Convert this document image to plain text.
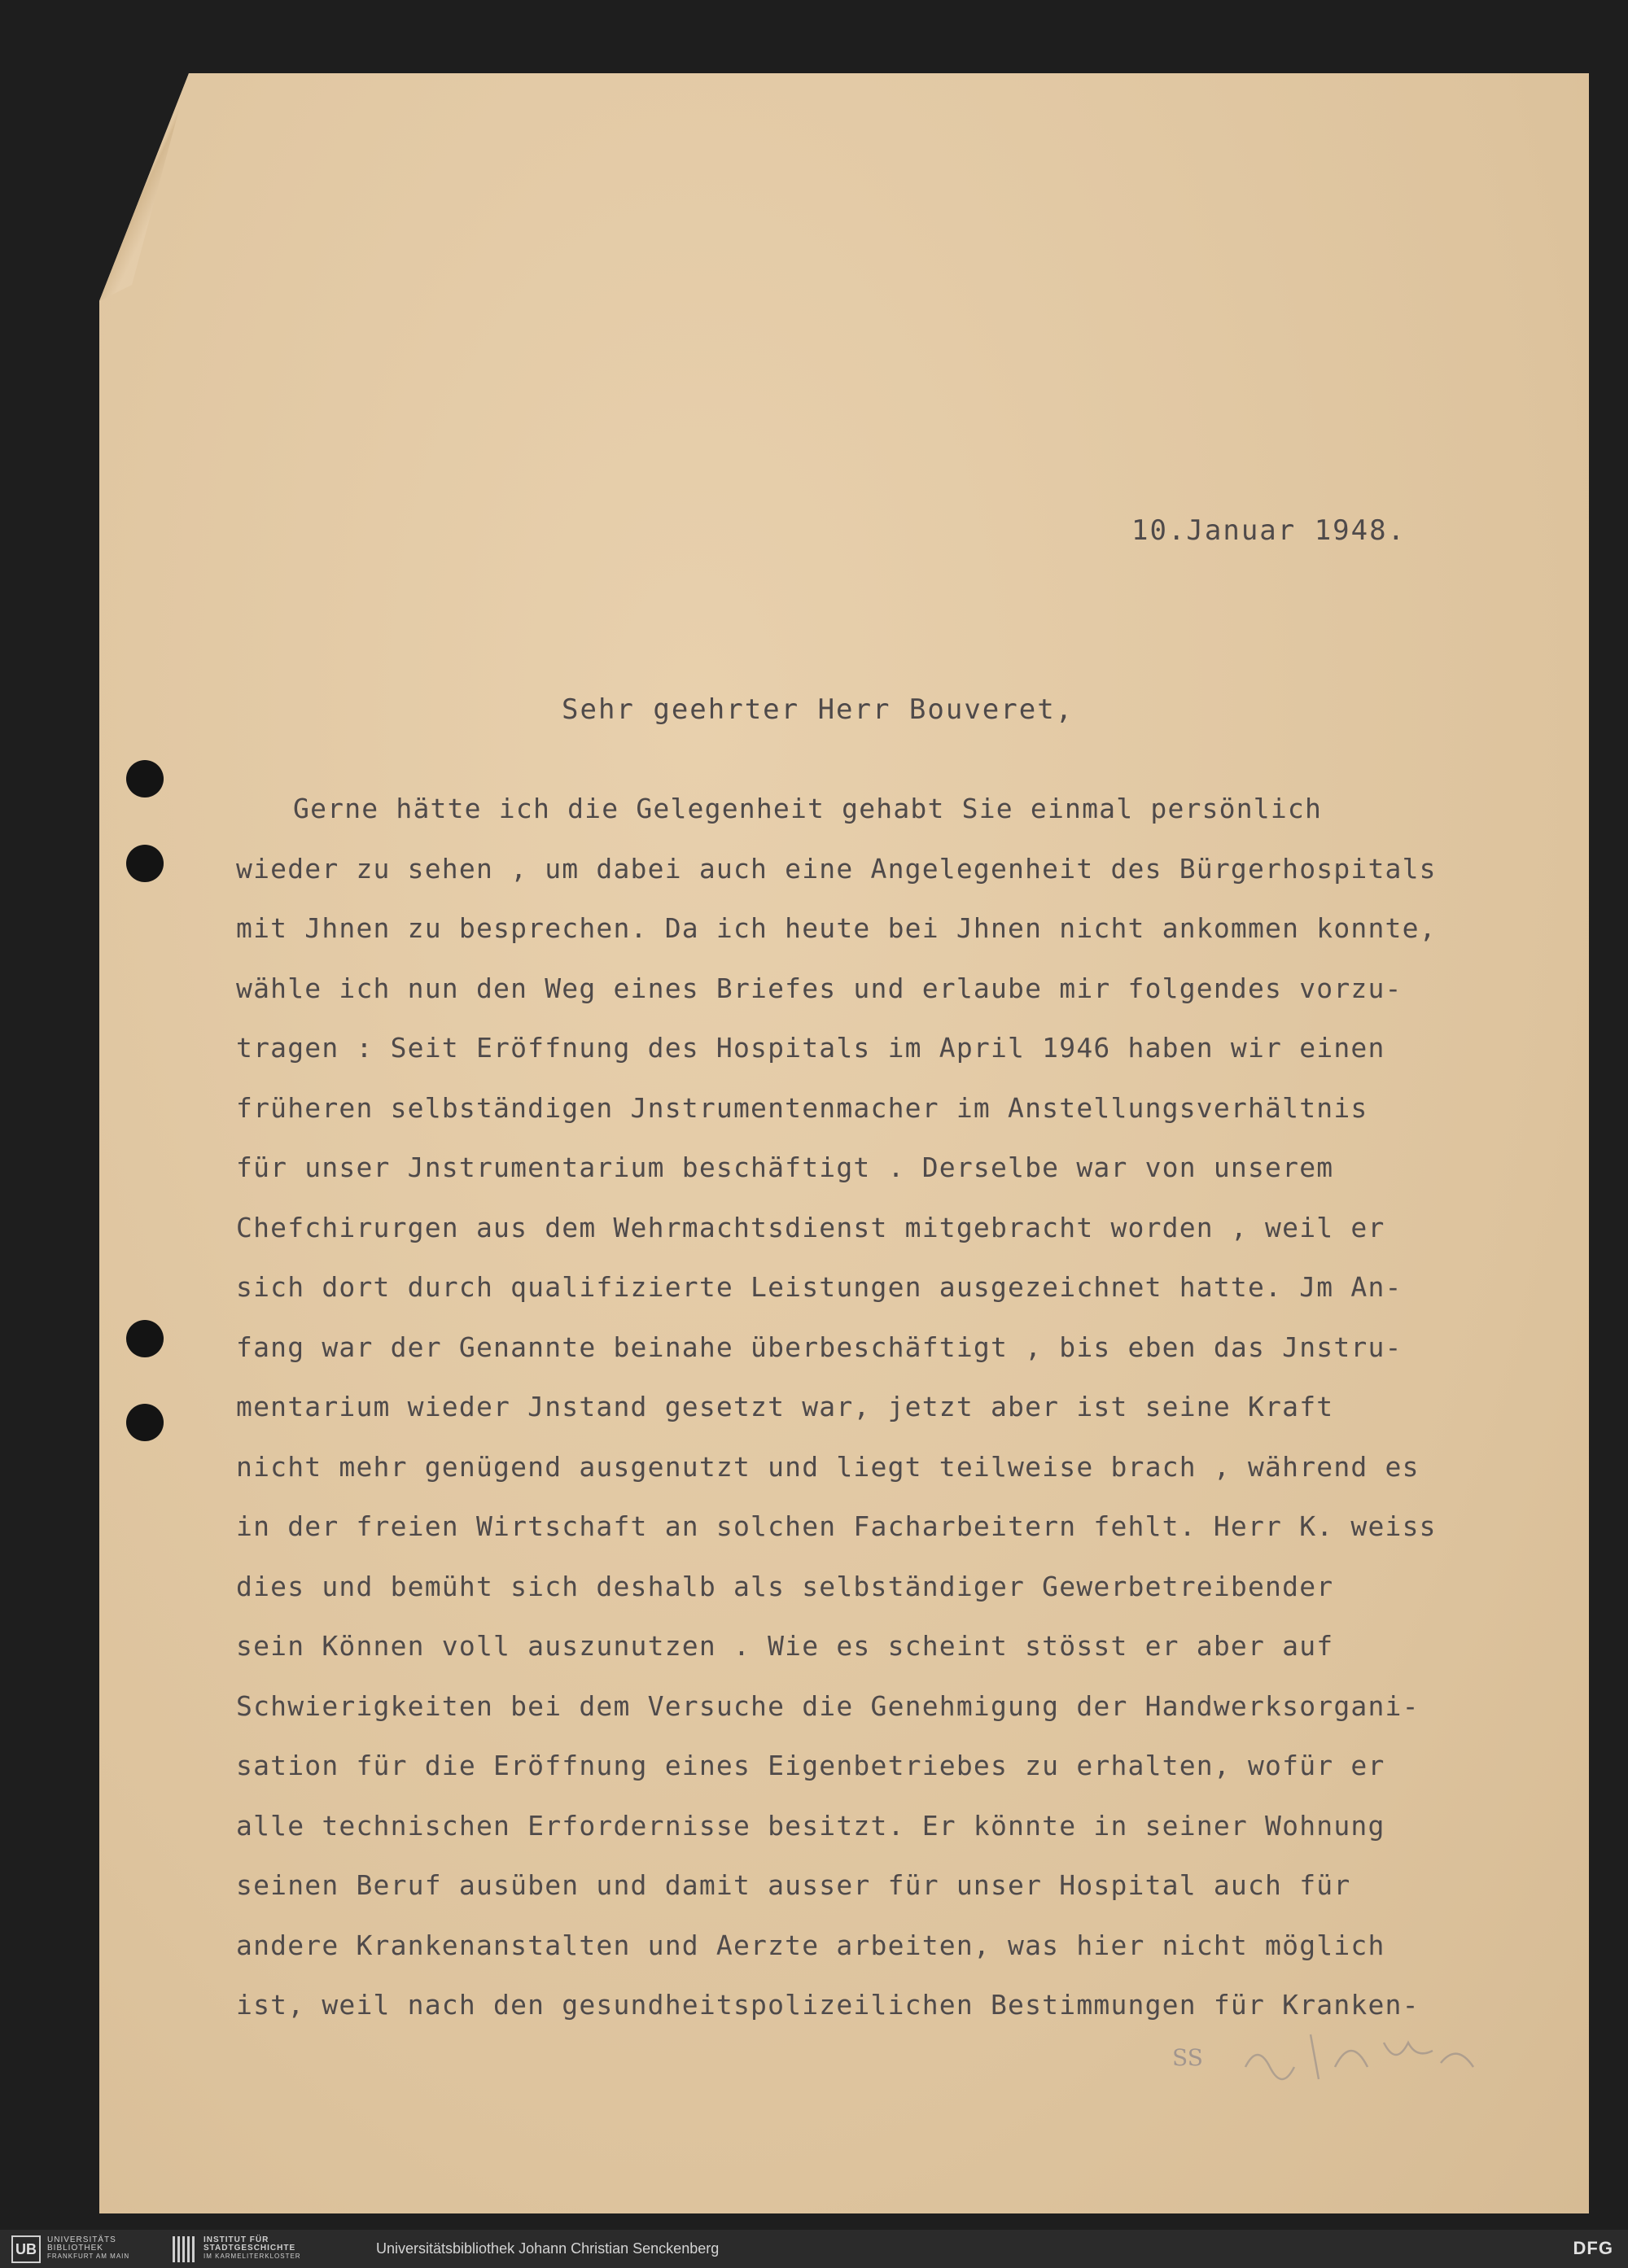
10.Januar 1948.
Sehr geehrter Herr Bouveret,
Gerne hätte ich die Gelegenheit gehabt Sie einmal persönlich
wieder zu sehen , um dabei auch eine Angelegenheit des Bürgerhospitals
mit Jhnen zu besprechen. Da ich heute bei Jhnen nicht ankommen konnte,
wähle ich nun den Weg eines Briefes und erlaube mir folgendes vorzu-
tragen : Seit Eröffnung des Hospitals im April 1946 haben wir einen
früheren selbständigen Jnstrumentenmacher im Anstellungsverhältnis
für unser Jnstrumentarium beschäftigt . Derselbe war von unserem
Chefchirurgen aus dem Wehrmachtsdienst mitgebracht worden , weil er
sich dort durch qualifizierte Leistungen ausgezeichnet hatte. Jm An-
fang war der Genannte beinahe überbeschäftigt , bis eben das Jnstru-
mentarium wieder Jnstand gesetzt war, jetzt aber ist seine Kraft
nicht mehr genügend ausgenutzt und liegt teilweise brach , während es
in der freien Wirtschaft an solchen Facharbeitern fehlt. Herr K. weiss
dies und bemüht sich deshalb als selbständiger Gewerbetreibender
sein Können voll auszunutzen . Wie es scheint stösst er aber auf
Schwierigkeiten bei dem Versuche die Genehmigung der Handwerksorgani-
sation für die Eröffnung eines Eigenbetriebes zu erhalten, wofür er
alle technischen Erfordernisse besitzt. Er könnte in seiner Wohnung
seinen Beruf ausüben und damit ausser für unser Hospital auch für
andere Krankenanstalten und Aerzte arbeiten, was hier nicht möglich
ist, weil nach den gesundheitspolizeilichen Bestimmungen für Kranken-
SS
UB
UNIVERSITÄTS
BIBLIOTHEK
FRANKFURT AM MAIN
INSTITUT FÜR
STADTGESCHICHTE
IM KARMELITERKLOSTER	Universitätsbibliothek Johann Christian Senckenberg	DFG
